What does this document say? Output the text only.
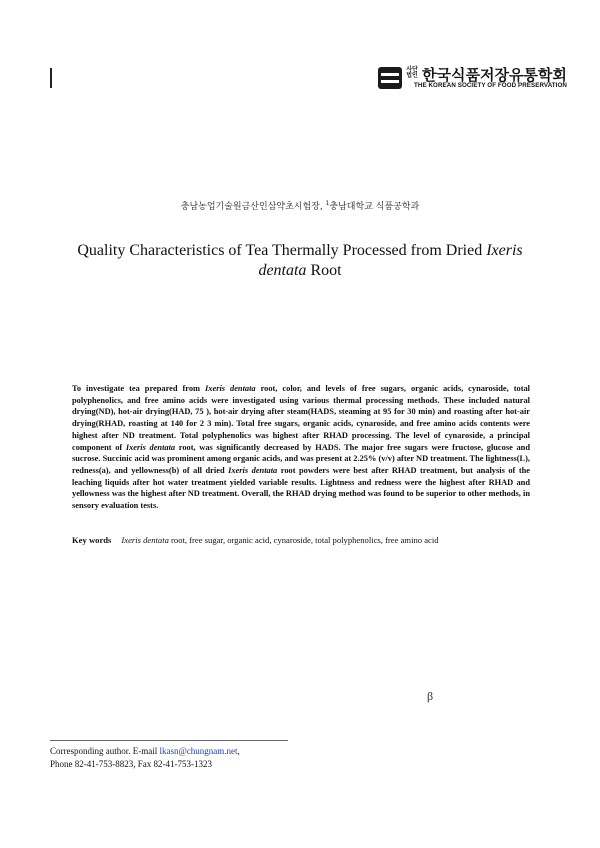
사단
법인 한국식품저장유통학회
THE KOREAN SOCIETY OF FOOD PRESERVATION
충남농업기술원금산인삼약초시험장, $^1$충남대학교 식품공학과
Quality Characteristics of Tea Thermally Processed from Dried Ixeris
dentata Root
To investigate tea prepared from Ixeris dentata root, color, and levels of free sugars, organic acids, cynaroside, total polyphenolics, and free amino acids were investigated using various thermal processing methods. These included natural drying(ND), hot-air drying(HAD, 75 ), hot-air drying after steam(HADS, steaming at 95 for 30 min) and roasting after hot-air drying(RHAD, roasting at 140 for 2 3 min). Total free sugars, organic acids, cynaroside, and free amino acids contents were highest after ND treatment. Total polyphenolics was highest after RHAD processing. The level of cynaroside, a principal component of Ixeris dentata root, was significantly decreased by HADS. The major free sugars were fructose, glucose and sucrose. Succinic acid was prominent among organic acids, and was present at 2.25% (v/v) after ND treatment. The lightness(L), redness(a), and yellowness(b) of all dried Ixeris dentata root powders were best after RHAD treatment, but analysis of the leaching liquids after hot water treatment yielded variable results. Lightness and redness were the highest after RHAD and yellowness was the highest after ND treatment. Overall, the RHAD drying method was found to be superior to other methods, in sensory evaluation tests.
Key words Ixeris dentata root, free sugar, organic acid, cynaroside, total polyphenolics, free amino acid
β
Corresponding author. E-mail lkasn@chungnam.net,
Phone 82-41-753-8823, Fax 82-41-753-1323
